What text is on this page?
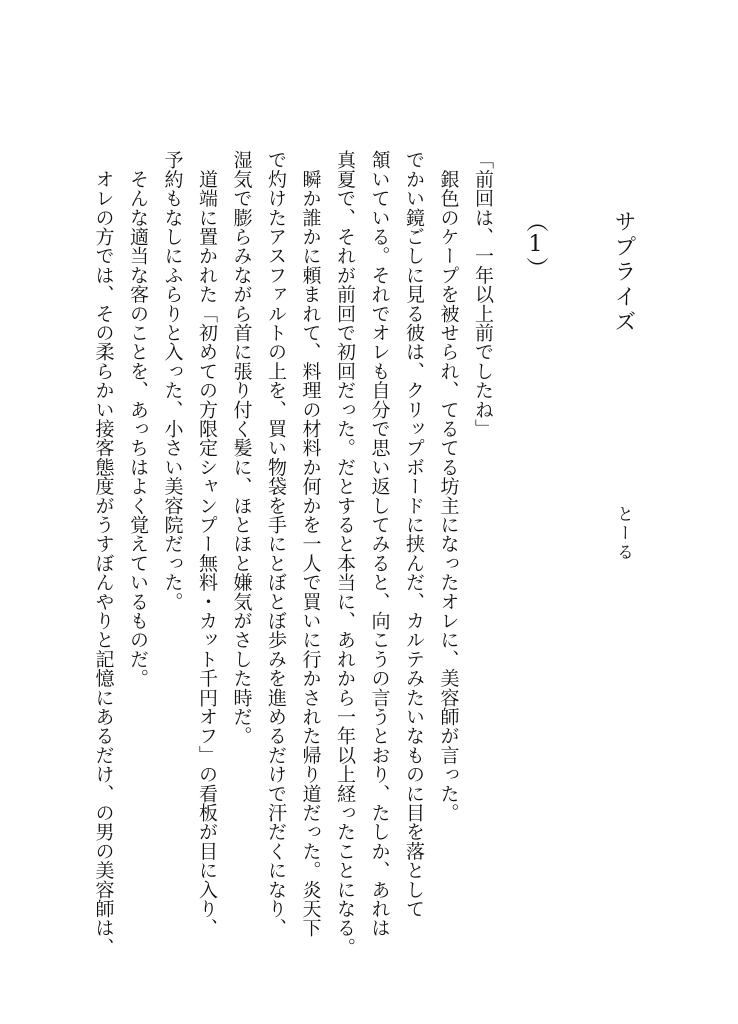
サプライズ
とーる
（1）
「前回は、一年以上前でしたね」
　銀色のケープを被せられ、てるてる坊主になったオレに、美容師が言った。
でかい鏡ごしに見る彼は、クリップボードに挟んだ、カルテみたいなものに目を落として
頷いている。それでオレも自分で思い返してみると、向こうの言うとおり、たしか、あれは
真夏で、それが前回で初回だった。だとすると本当に、あれから一年以上経ったことになる。
　瞬か誰かに頼まれて、料理の材料か何かを一人で買いに行かされた帰り道だった。炎天下
で灼けたアスファルトの上を、買い物袋を手にとぼとぼ歩みを進めるだけで汗だくになり、
湿気で膨らみながら首に張り付く髪に、ほとほと嫌気がさした時だ。
　道端に置かれた「初めての方限定シャンプー無料・カット千円オフ」の看板が目に入り、
予約もなしにふらりと入った、小さい美容院だった。
　そんな適当な客のことを、あっちはよく覚えているものだ。
　オレの方では、その柔らかい接客態度がうすぼんやりと記憶にあるだけ、の男の美容師は、
